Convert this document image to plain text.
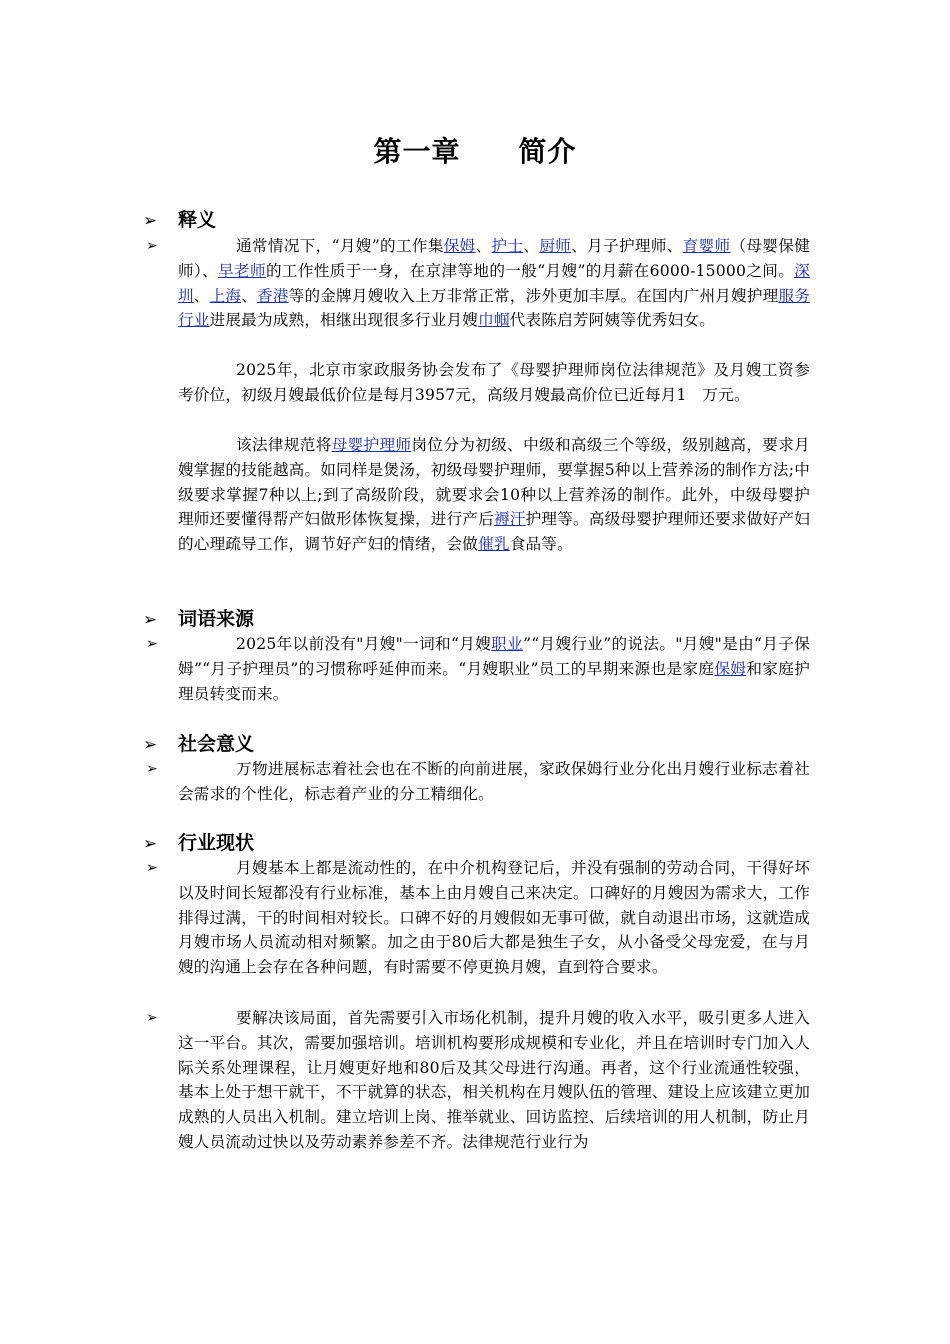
第一章　　简介
➢ 释义
➢	通常情况下，“月嫂”的工作集保姆、护士、厨师、月子护理师、育婴师（母婴保健师）、早老师的工作性质于一身，在京津等地的一般“月嫂”的月薪在6000-15000之间。深圳、上海、香港等的金牌月嫂收入上万非常正常，涉外更加丰厚。在国内广州月嫂护理服务行业进展最为成熟，相继出现很多行业月嫂巾帼代表陈启芳阿姨等优秀妇女。

2025年，北京市家政服务协会发布了《母婴护理师岗位法律规范》及月嫂工资参考价位，初级月嫂最低价位是每月3957元，高级月嫂最高价位已近每月1　万元。

该法律规范将母婴护理师岗位分为初级、中级和高级三个等级，级别越高，要求月嫂掌握的技能越高。如同样是煲汤，初级母婴护理师，要掌握5种以上营养汤的制作方法;中级要求掌握7种以上;到了高级阶段，就要求会10种以上营养汤的制作。此外，中级母婴护理师还要懂得帮产妇做形体恢复操，进行产后褥汗护理等。高级母婴护理师还要求做好产妇的心理疏导工作，调节好产妇的情绪，会做催乳食品等。

➢ 词语来源
➢	2025年以前没有"月嫂"一词和“月嫂职业”“月嫂行业”的说法。"月嫂"是由“月子保姆”“月子护理员”的习惯称呼延伸而来。“月嫂职业”员工的早期来源也是家庭保姆和家庭护理员转变而来。

➢ 社会意义
➢	万物进展标志着社会也在不断的向前进展，家政保姆行业分化出月嫂行业标志着社会需求的个性化，标志着产业的分工精细化。

➢ 行业现状
➢	月嫂基本上都是流动性的，在中介机构登记后，并没有强制的劳动合同，干得好坏以及时间长短都没有行业标准，基本上由月嫂自己来决定。口碑好的月嫂因为需求大，工作排得过满，干的时间相对较长。口碑不好的月嫂假如无事可做，就自动退出市场，这就造成月嫂市场人员流动相对频繁。加之由于80后大都是独生子女，从小备受父母宠爱，在与月嫂的沟通上会存在各种问题，有时需要不停更换月嫂，直到符合要求。

➢	要解决该局面，首先需要引入市场化机制，提升月嫂的收入水平，吸引更多人进入这一平台。其次，需要加强培训。培训机构要形成规模和专业化，并且在培训时专门加入人际关系处理课程，让月嫂更好地和80后及其父母进行沟通。再者，这个行业流通性较强，基本上处于想干就干，不干就算的状态，相关机构在月嫂队伍的管理、建设上应该建立更加成熟的人员出入机制。建立培训上岗、推举就业、回访监控、后续培训的用人机制，防止月嫂人员流动过快以及劳动素养参差不齐。法律规范行业行为
